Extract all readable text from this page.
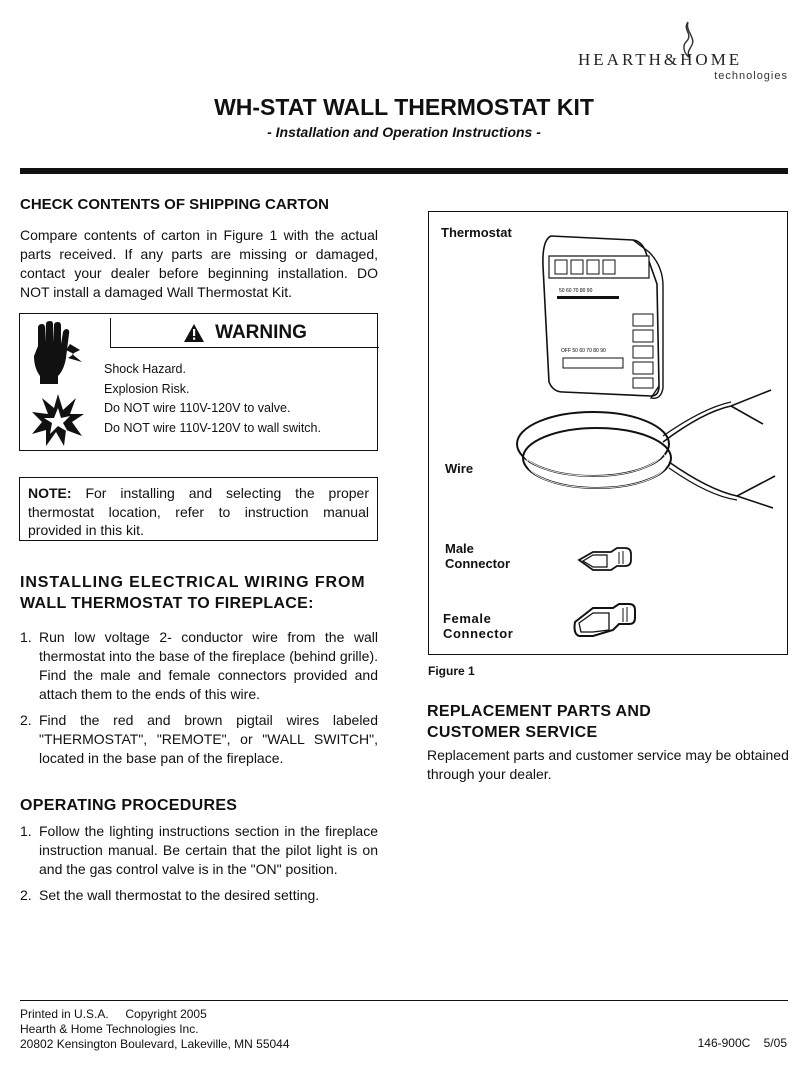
HEARTH&HOME
technologies
WH-STAT WALL THERMOSTAT KIT
- Installation and Operation Instructions -
CHECK CONTENTS OF SHIPPING CARTON

Compare contents of carton in Figure 1 with the actual parts received. If any parts are missing or damaged, contact your dealer before beginning installation. DO NOT install a damaged Wall Thermostat Kit.

WARNING
Shock Hazard.
Explosion Risk.
Do NOT wire 110V-120V to valve.
Do NOT wire 110V-120V to wall switch.
NOTE: For installing and selecting the proper thermostat location, refer to instruction manual provided in this kit.
INSTALLING ELECTRICAL WIRING FROM
WALL THERMOSTAT TO FIREPLACE:
1. Run low voltage 2- conductor wire from the wall thermostat into the base of the fireplace (behind grille). Find the male and female connectors provided and attach them to the ends of this wire.
2. Find the red and brown pigtail wires labeled "THERMOSTAT", "REMOTE", or "WALL SWITCH", located in the base pan of the fireplace.
OPERATING PROCEDURES
1. Follow the lighting instructions section in the fireplace instruction manual. Be certain that the pilot light is on and the gas control valve is in the "ON" position.
2. Set the wall thermostat to the desired setting.
Thermostat
Wire
Male
Connector
Female
Connector
50 60 70 80 90
OFF 50 60 70 80 90
Figure 1
REPLACEMENT PARTS AND
CUSTOMER SERVICE

Replacement parts and customer service may be obtained through your dealer.

Printed in U.S.A.     Copyright 2005
Hearth & Home Technologies Inc.
20802 Kensington Boulevard, Lakeville, MN 55044	146-900C    5/05
